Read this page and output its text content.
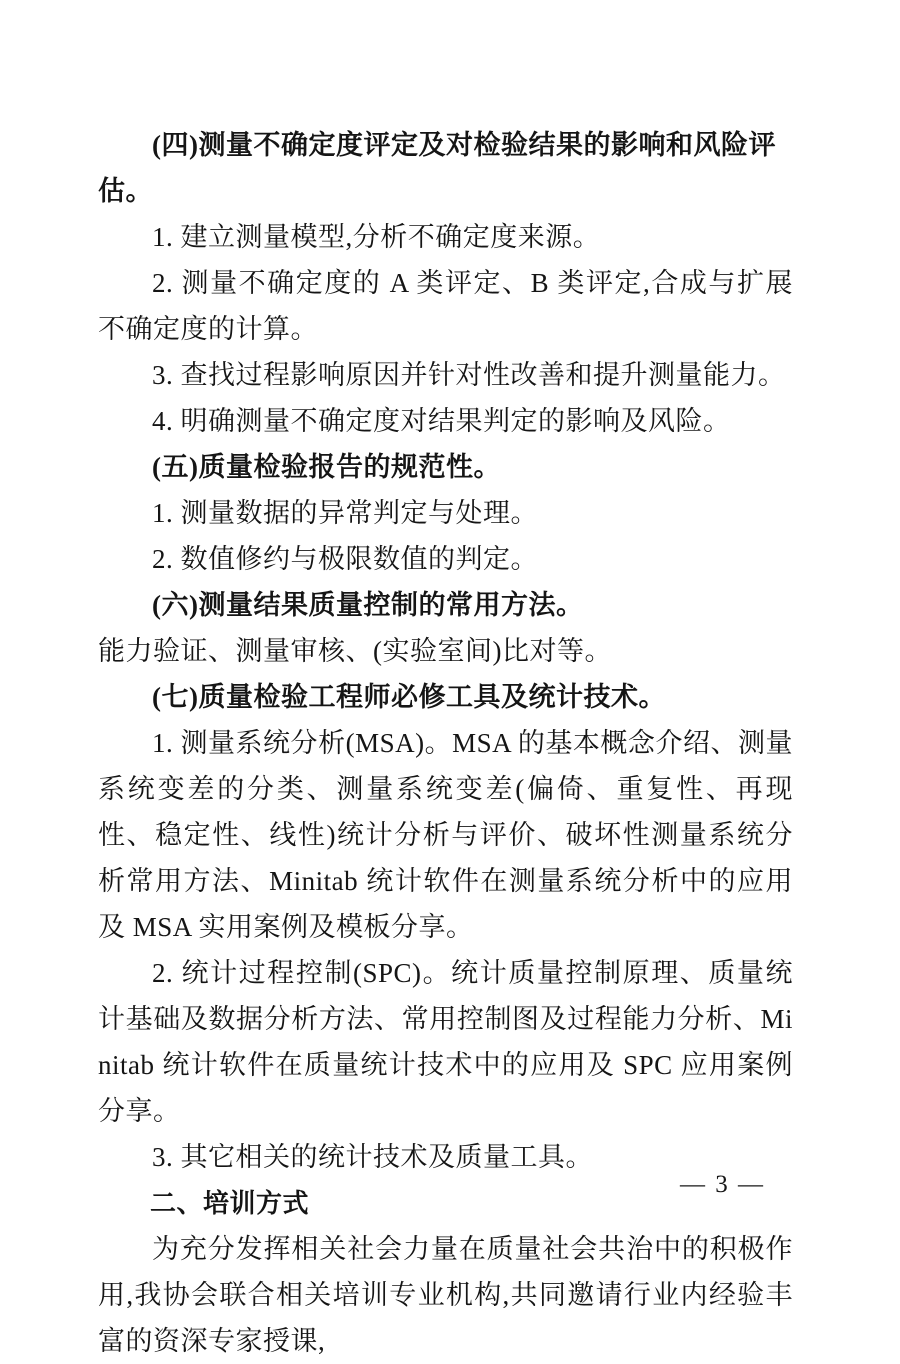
(四)测量不确定度评定及对检验结果的影响和风险评估。

1. 建立测量模型,分析不确定度来源。

2. 测量不确定度的 A 类评定、B 类评定,合成与扩展不确定度的计算。

3. 查找过程影响原因并针对性改善和提升测量能力。

4. 明确测量不确定度对结果判定的影响及风险。

(五)质量检验报告的规范性。

1. 测量数据的异常判定与处理。

2. 数值修约与极限数值的判定。

(六)测量结果质量控制的常用方法。

能力验证、测量审核、(实验室间)比对等。

(七)质量检验工程师必修工具及统计技术。

1. 测量系统分析(MSA)。MSA 的基本概念介绍、测量系统变差的分类、测量系统变差(偏倚、重复性、再现性、稳定性、线性)统计分析与评价、破坏性测量系统分析常用方法、Minitab 统计软件在测量系统分析中的应用及 MSA 实用案例及模板分享。

2. 统计过程控制(SPC)。统计质量控制原理、质量统计基础及数据分析方法、常用控制图及过程能力分析、Minitab 统计软件在质量统计技术中的应用及 SPC 应用案例分享。

3. 其它相关的统计技术及质量工具。

二、培训方式

为充分发挥相关社会力量在质量社会共治中的积极作用,我协会联合相关培训专业机构,共同邀请行业内经验丰富的资深专家授课,

— 3 —
